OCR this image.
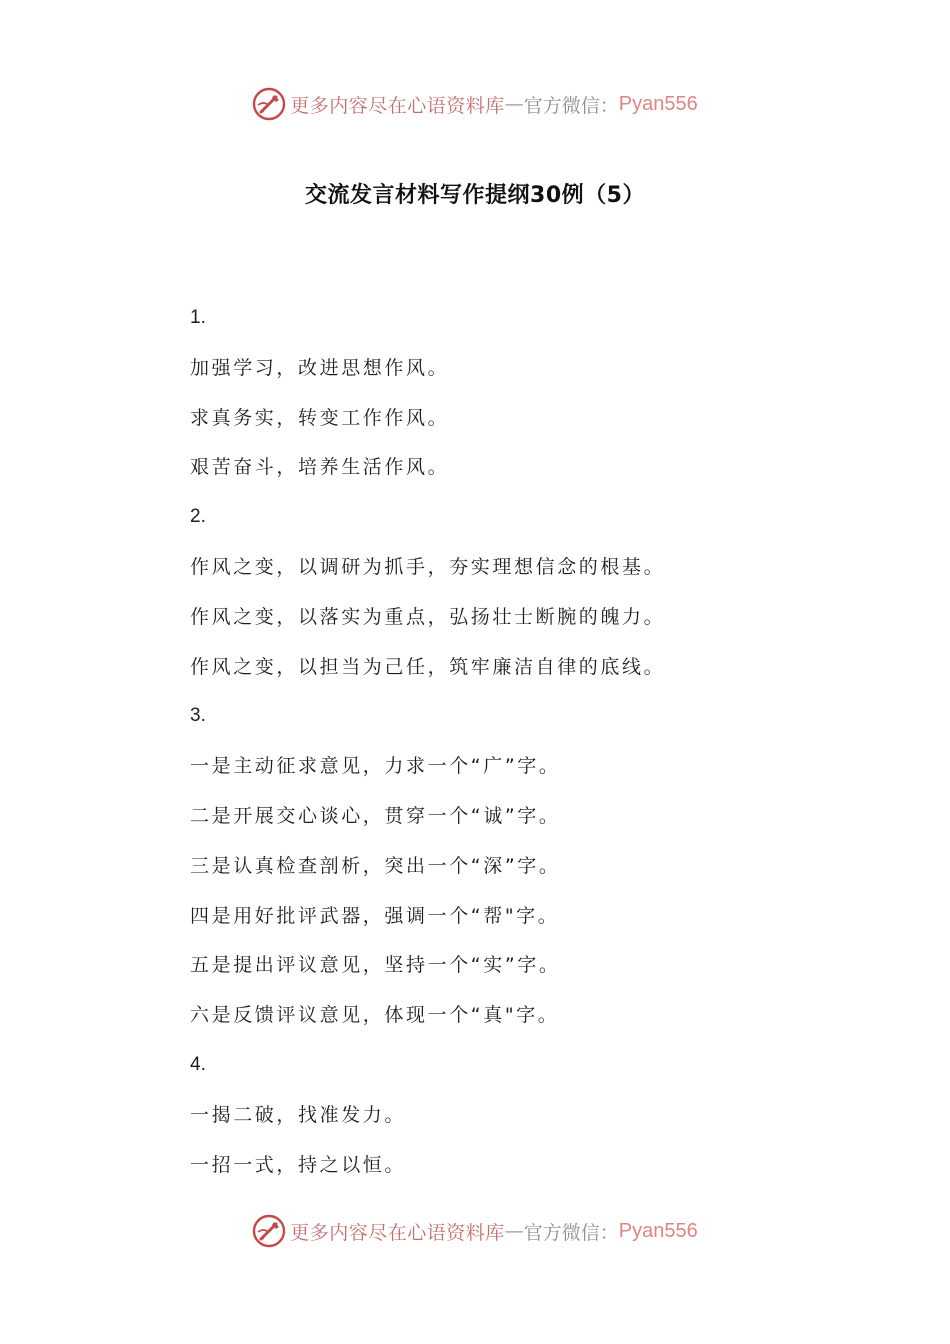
更多内容尽在心语资料库 — 官方微信： Pyan556
交流发言材料写作提纲30例（5）
1.
加强学习，改进思想作风。
求真务实，转变工作作风。
艰苦奋斗，培养生活作风。
2.
作风之变，以调研为抓手，夯实理想信念的根基。
作风之变，以落实为重点，弘扬壮士断腕的魄力。
作风之变，以担当为己任，筑牢廉洁自律的底线。
3.
一是主动征求意见，力求一个“广”字。
二是开展交心谈心，贯穿一个“诚”字。
三是认真检查剖析，突出一个“深”字。
四是用好批评武器，强调一个“帮"字。
五是提出评议意见，坚持一个“实”字。
六是反馈评议意见，体现一个“真"字。
4.
一揭二破，找准发力。
一招一式，持之以恒。
更多内容尽在心语资料库 — 官方微信： Pyan556
